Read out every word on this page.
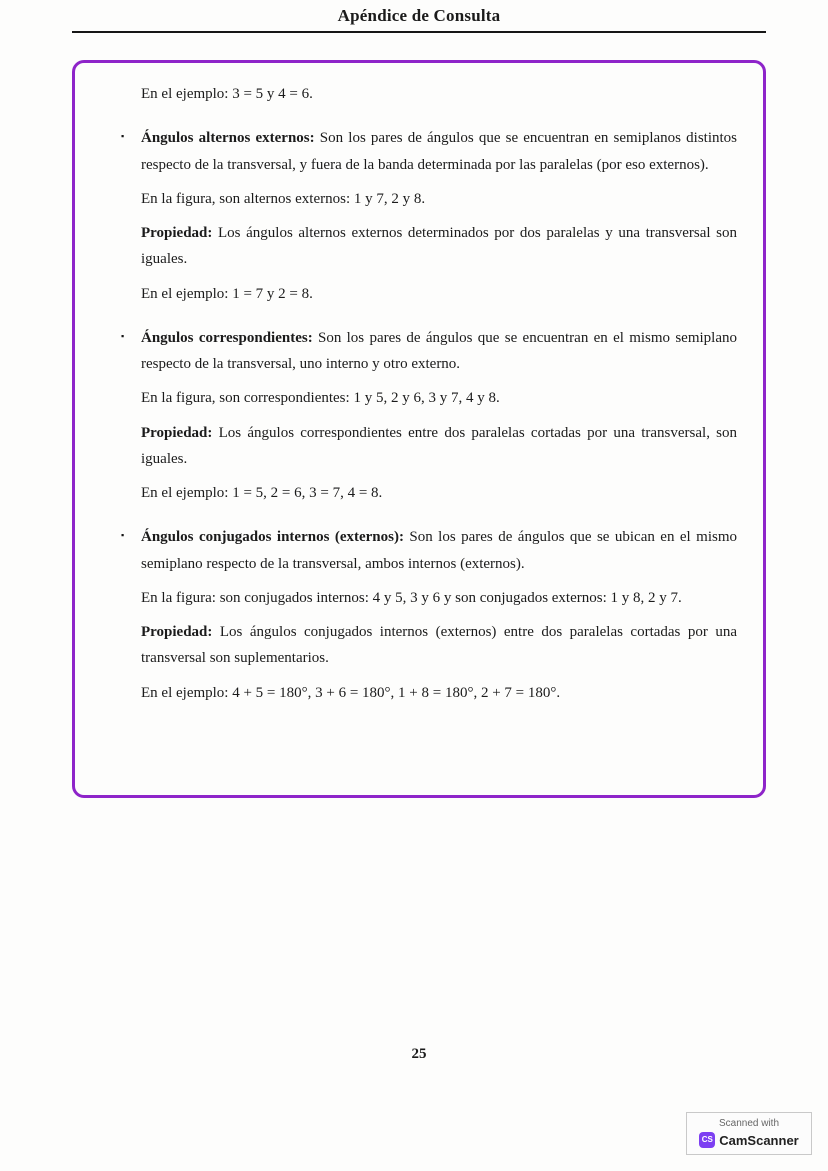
Apéndice de Consulta

En el ejemplo: 3 = 5 y 4 = 6.

▪ Ángulos alternos externos: Son los pares de ángulos que se encuentran en semiplanos distintos respecto de la transversal, y fuera de la banda determinada por las paralelas (por eso externos).

En la figura, son alternos externos: 1 y 7, 2 y 8.

Propiedad: Los ángulos alternos externos determinados por dos paralelas y una transversal son iguales.

En el ejemplo: 1 = 7 y 2 = 8.

▪ Ángulos correspondientes: Son los pares de ángulos que se encuentran en el mismo semiplano respecto de la transversal, uno interno y otro externo.

En la figura, son correspondientes: 1 y 5, 2 y 6, 3 y 7, 4 y 8.

Propiedad: Los ángulos correspondientes entre dos paralelas cortadas por una transversal, son iguales.

En el ejemplo: 1 = 5, 2 = 6, 3 = 7, 4 = 8.

▪ Ángulos conjugados internos (externos): Son los pares de ángulos que se ubican en el mismo semiplano respecto de la transversal, ambos internos (externos).

En la figura: son conjugados internos: 4 y 5, 3 y 6 y son conjugados externos: 1 y 8, 2 y 7.

Propiedad: Los ángulos conjugados internos (externos) entre dos paralelas cortadas por una transversal son suplementarios.

En el ejemplo: 4 + 5 = 180°, 3 + 6 = 180°, 1 + 8 = 180°, 2 + 7 = 180°.

25
Scanned with
CS CamScanner
